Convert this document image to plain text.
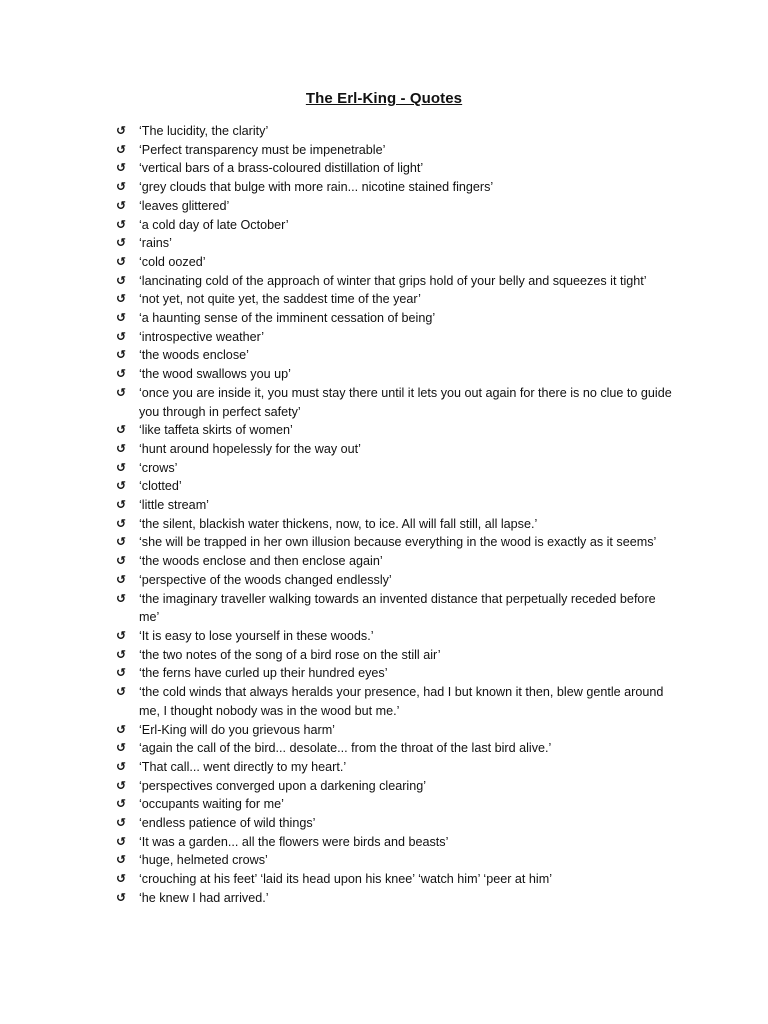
The Erl-King - Quotes
↺	‘The lucidity, the clarity’
↺	‘Perfect transparency must be impenetrable’
↺	‘vertical bars of a brass-coloured distillation of light’
↺	‘grey clouds that bulge with more rain... nicotine stained fingers’
↺	‘leaves glittered’
↺	‘a cold day of late October’
↺	‘rains’
↺	‘cold oozed’
↺	‘lancinating cold of the approach of winter that grips hold of your belly and squeezes it tight’
↺	‘not yet, not quite yet, the saddest time of the year’
↺	‘a haunting sense of the imminent cessation of being’
↺	‘introspective weather’
↺	‘the woods enclose’
↺	‘the wood swallows you up’
↺	‘once you are inside it, you must stay there until it lets you out again for there is no clue to guide you through in perfect safety’
↺	‘like taffeta skirts of women’
↺	‘hunt around hopelessly for the way out’
↺	‘crows’
↺	‘clotted’
↺	‘little stream’
↺	‘the silent, blackish water thickens, now, to ice. All will fall still, all lapse.’
↺	‘she will be trapped in her own illusion because everything in the wood is exactly as it seems’
↺	‘the woods enclose and then enclose again’
↺	‘perspective of the woods changed endlessly’
↺	‘the imaginary traveller walking towards an invented distance that perpetually receded before me’
↺	‘It is easy to lose yourself in these woods.’
↺	‘the two notes of the song of a bird rose on the still air’
↺	‘the ferns have curled up their hundred eyes’
↺	‘the cold winds that always heralds your presence, had I but known it then, blew gentle around me, I thought nobody was in the wood but me.’
↺	‘Erl-King will do you grievous harm’
↺	‘again the call of the bird... desolate... from the throat of the last bird alive.’
↺	‘That call... went directly to my heart.’
↺	‘perspectives converged upon a darkening clearing’
↺	‘occupants waiting for me’
↺	‘endless patience of wild things’
↺	‘It was a garden... all the flowers were birds and beasts’
↺	‘huge, helmeted crows’
↺	‘crouching at his feet’ ‘laid its head upon his knee’ ‘watch him’ ‘peer at him’
↺	‘he knew I had arrived.’
